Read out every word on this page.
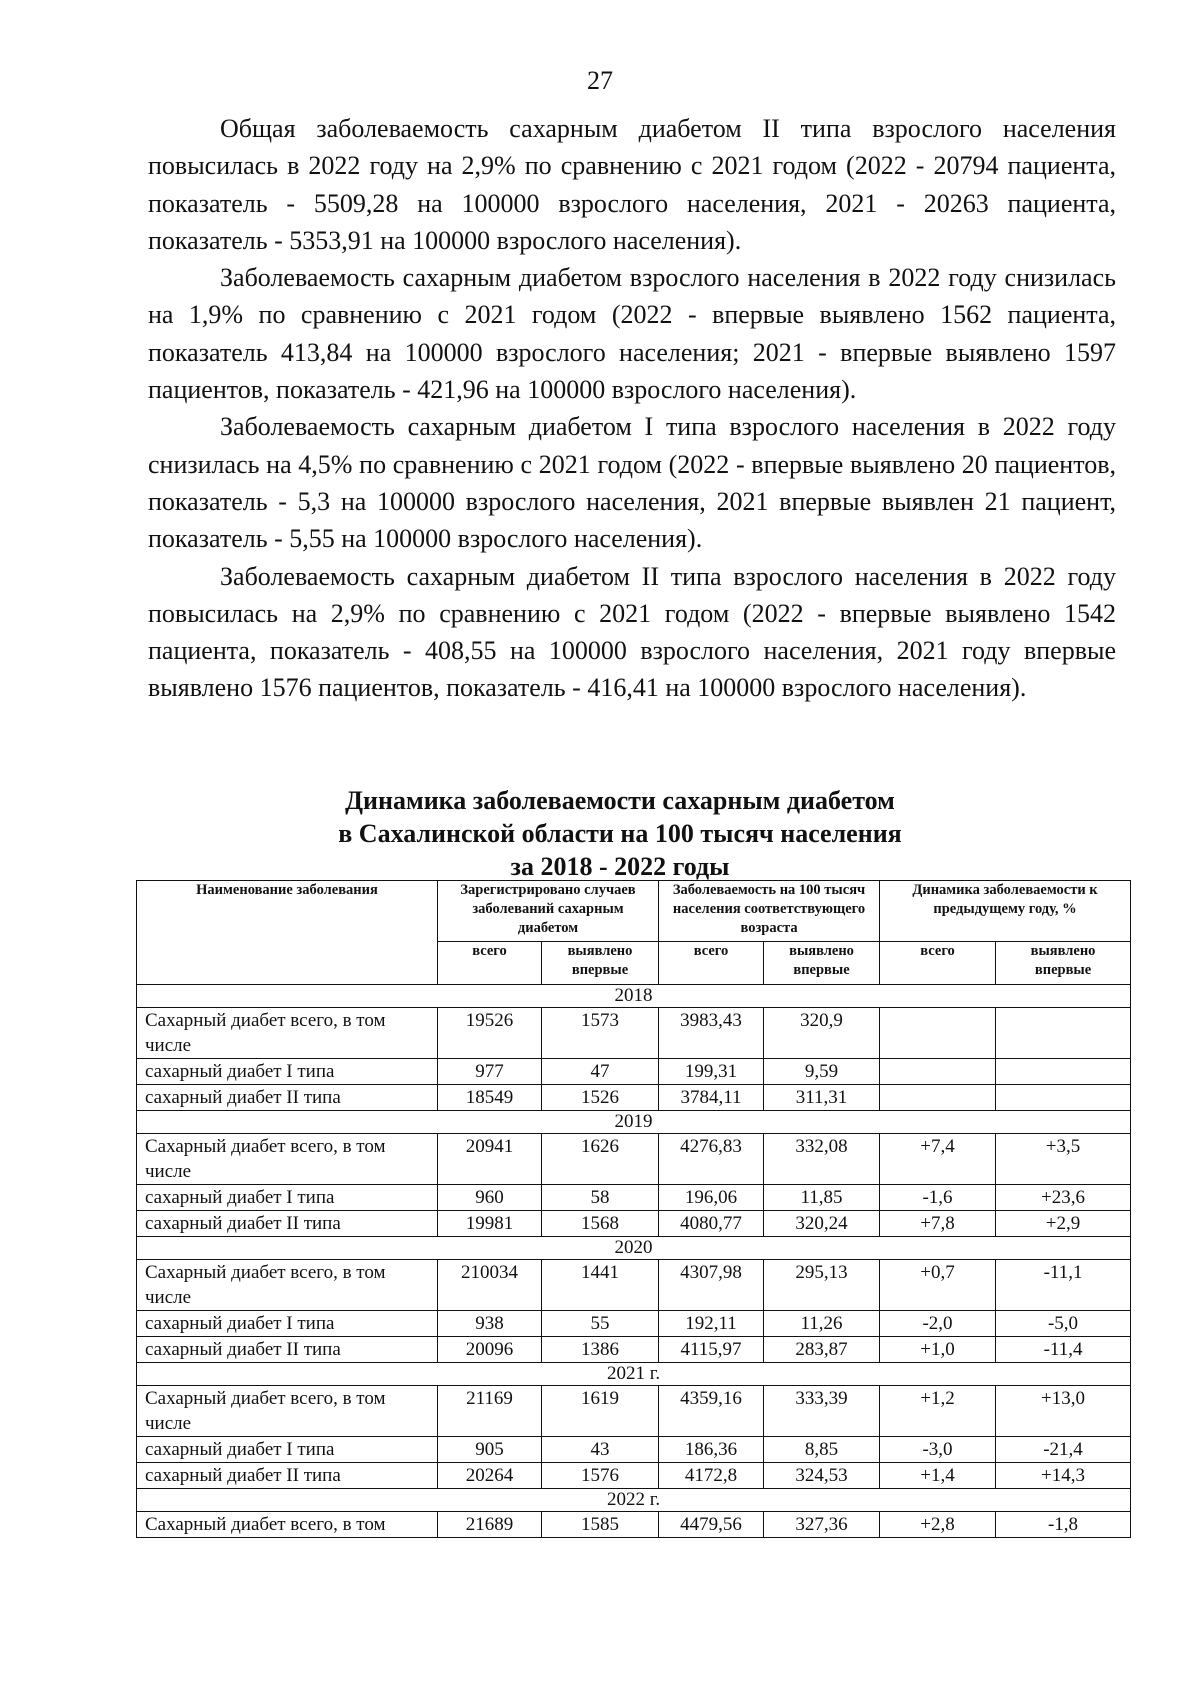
27

Общая заболеваемость сахарным диабетом II типа взрослого населения повысилась в 2022 году на 2,9% по сравнению с 2021 годом (2022 - 20794 пациента, показатель - 5509,28 на 100000 взрослого населения, 2021 - 20263 пациента, показатель - 5353,91 на 100000 взрослого населения).

Заболеваемость сахарным диабетом взрослого населения в 2022 году снизилась на 1,9% по сравнению с 2021 годом (2022 - впервые выявлено 1562 пациента, показатель 413,84 на 100000 взрослого населения; 2021 - впервые выявлено 1597 пациентов, показатель - 421,96 на 100000 взрослого населения).

Заболеваемость сахарным диабетом I типа взрослого населения в 2022 году снизилась на 4,5% по сравнению с 2021 годом (2022 - впервые выявлено 20 пациентов, показатель - 5,3 на 100000 взрослого населения, 2021 впервые выявлен 21 пациент, показатель - 5,55 на 100000 взрослого населения).

Заболеваемость сахарным диабетом II типа взрослого населения в 2022 году повысилась на 2,9% по сравнению с 2021 годом (2022 - впервые выявлено 1542 пациента, показатель - 408,55 на 100000 взрослого населения, 2021 году впервые выявлено 1576 пациентов, показатель - 416,41 на 100000 взрослого населения).

Динамика заболеваемости сахарным диабетом
в Сахалинской области на 100 тысяч населения
за 2018 - 2022 годы
Наименование заболевания	Зарегистрировано случаев заболеваний сахарным диабетом		Заболеваемость на 100 тысяч населения соответствующего возраста		Динамика заболеваемости к предыдущему году, %	
	всего	выявлено впервые	всего	выявлено впервые	всего	выявлено впервые
2018						
Сахарный диабет всего, в том числе	19526	1573	3983,43	320,9		
сахарный диабет I типа	977	47	199,31	9,59		
сахарный диабет II типа	18549	1526	3784,11	311,31		
2019						
Сахарный диабет всего, в том числе	20941	1626	4276,83	332,08	+7,4	+3,5
сахарный диабет I типа	960	58	196,06	11,85	-1,6	+23,6
сахарный диабет II типа	19981	1568	4080,77	320,24	+7,8	+2,9
2020						
Сахарный диабет всего, в том числе	210034	1441	4307,98	295,13	+0,7	-11,1
сахарный диабет I типа	938	55	192,11	11,26	-2,0	-5,0
сахарный диабет II типа	20096	1386	4115,97	283,87	+1,0	-11,4
2021 г.						
Сахарный диабет всего, в том числе	21169	1619	4359,16	333,39	+1,2	+13,0
сахарный диабет I типа	905	43	186,36	8,85	-3,0	-21,4
сахарный диабет II типа	20264	1576	4172,8	324,53	+1,4	+14,3
2022 г.						
Сахарный диабет всего, в том	21689	1585	4479,56	327,36	+2,8	-1,8
